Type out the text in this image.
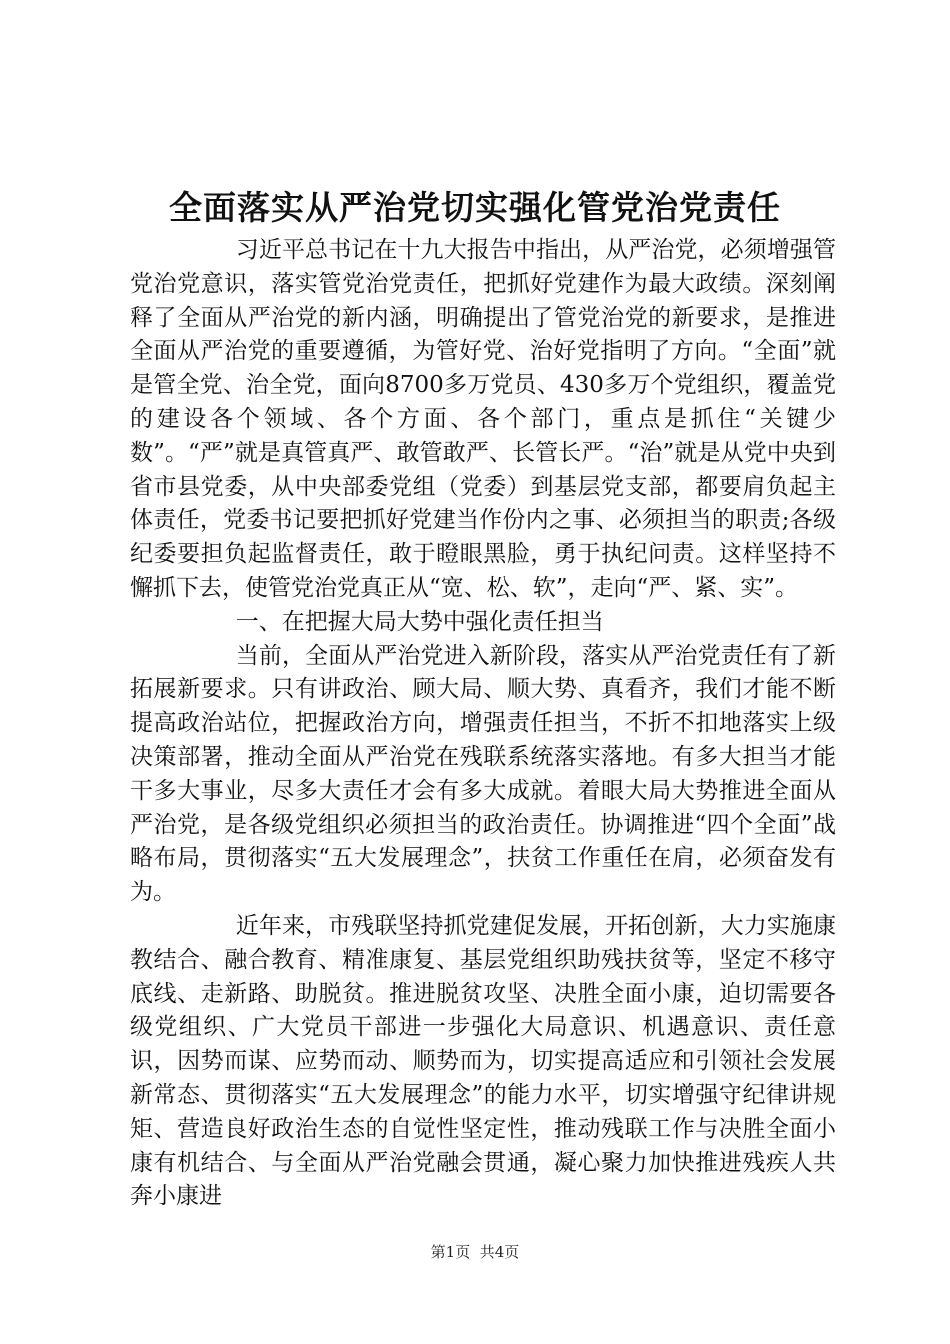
全面落实从严治党切实强化管党治党责任

习近平总书记在十九大报告中指出，从严治党，必须增强管党治党意识，落实管党治党责任，把抓好党建作为最大政绩。深刻阐释了全面从严治党的新内涵，明确提出了管党治党的新要求，是推进全面从严治党的重要遵循，为管好党、治好党指明了方向。“全面”就是管全党、治全党，面向8700多万党员、430多万个党组织，覆盖党的建设各个领域、各个方面、各个部门，重点是抓住“关键少数”。“严”就是真管真严、敢管敢严、长管长严。“治”就是从党中央到省市县党委，从中央部委党组（党委）到基层党支部，都要肩负起主体责任，党委书记要把抓好党建当作份内之事、必须担当的职责;各级纪委要担负起监督责任，敢于瞪眼黑脸，勇于执纪问责。这样坚持不懈抓下去，使管党治党真正从“宽、松、软”，走向“严、紧、实”。

一、在把握大局大势中强化责任担当

当前，全面从严治党进入新阶段，落实从严治党责任有了新拓展新要求。只有讲政治、顾大局、顺大势、真看齐，我们才能不断提高政治站位，把握政治方向，增强责任担当，不折不扣地落实上级决策部署，推动全面从严治党在残联系统落实落地。有多大担当才能干多大事业，尽多大责任才会有多大成就。着眼大局大势推进全面从严治党，是各级党组织必须担当的政治责任。协调推进“四个全面”战略布局，贯彻落实“五大发展理念”，扶贫工作重任在肩，必须奋发有为。

近年来，市残联坚持抓党建促发展，开拓创新，大力实施康教结合、融合教育、精准康复、基层党组织助残扶贫等，坚定不移守底线、走新路、助脱贫。推进脱贫攻坚、决胜全面小康，迫切需要各级党组织、广大党员干部进一步强化大局意识、机遇意识、责任意识，因势而谋、应势而动、顺势而为，切实提高适应和引领社会发展新常态、贯彻落实“五大发展理念”的能力水平，切实增强守纪律讲规矩、营造良好政治生态的自觉性坚定性，推动残联工作与决胜全面小康有机结合、与全面从严治党融会贯通，凝心聚力加快推进残疾人共奔小康进

第1页 共4页
